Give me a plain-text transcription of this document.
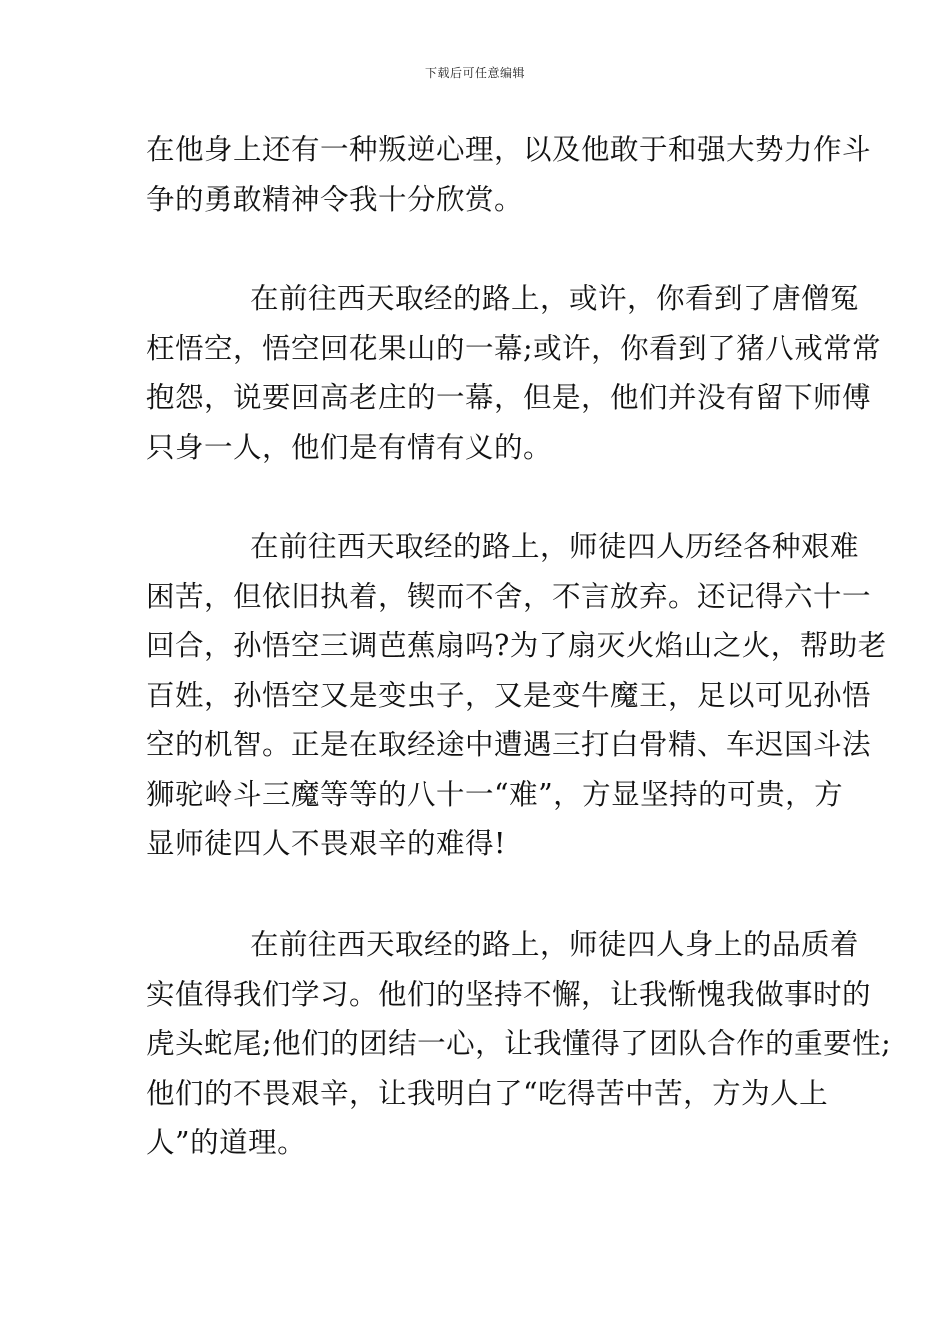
下载后可任意编辑
在他身上还有一种叛逆心理，以及他敢于和强大势力作斗
争的勇敢精神令我十分欣赏。
在前往西天取经的路上，或许，你看到了唐僧冤
枉悟空，悟空回花果山的一幕;或许，你看到了猪八戒常常
抱怨，说要回高老庄的一幕，但是，他们并没有留下师傅
只身一人，他们是有情有义的。
在前往西天取经的路上，师徒四人历经各种艰难
困苦，但依旧执着，锲而不舍，不言放弃。还记得六十一
回合，孙悟空三调芭蕉扇吗?为了扇灭火焰山之火，帮助老
百姓，孙悟空又是变虫子，又是变牛魔王，足以可见孙悟
空的机智。正是在取经途中遭遇三打白骨精、车迟国斗法
狮驼岭斗三魔等等的八十一“难”，方显坚持的可贵，方
显师徒四人不畏艰辛的难得!
在前往西天取经的路上，师徒四人身上的品质着
实值得我们学习。他们的坚持不懈，让我惭愧我做事时的
虎头蛇尾;他们的团结一心，让我懂得了团队合作的重要性;
他们的不畏艰辛，让我明白了“吃得苦中苦，方为人上
人”的道理。
